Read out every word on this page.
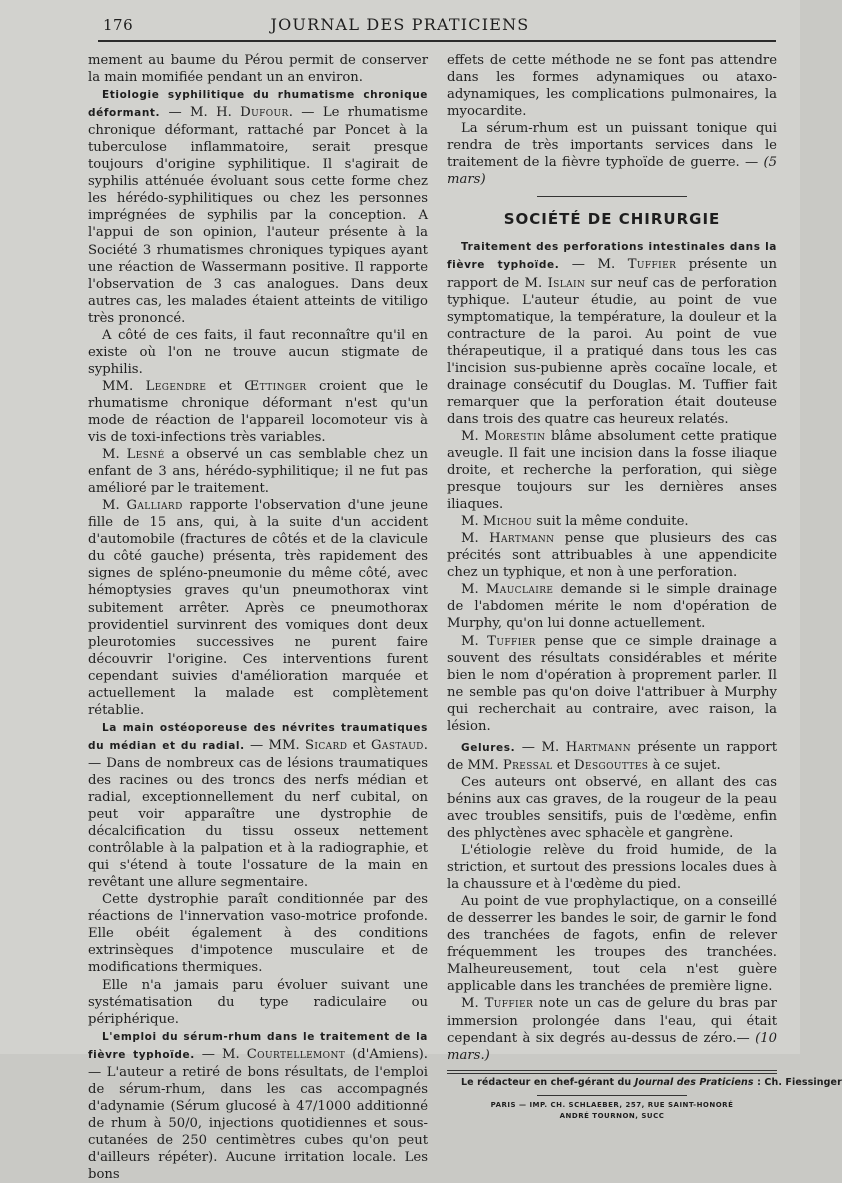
176	JOURNAL DES PRATICIENS

mement au baume du Pérou permit de conserver la main momifiée pendant un an environ.

Etiologie syphilitique du rhumatisme chronique déformant. — M. H. Dufour. — Le rhumatisme chronique déformant, rattaché par Poncet à la tuberculose inflammatoire, serait presque toujours d'origine syphilitique. Il s'agirait de syphilis atténuée évoluant sous cette forme chez les hérédo-syphilitiques ou chez les personnes imprégnées de syphilis par la conception. A l'appui de son opinion, l'auteur présente à la Société 3 rhumatismes chroniques typiques ayant une réaction de Wassermann positive. Il rapporte l'observation de 3 cas analogues. Dans deux autres cas, les malades étaient atteints de vitiligo très prononcé.

A côté de ces faits, il faut reconnaître qu'il en existe où l'on ne trouve aucun stigmate de syphilis.

MM. Legendre et Œttinger croient que le rhumatisme chronique déformant n'est qu'un mode de réaction de l'appareil locomoteur vis à vis de toxi-infections très variables.

M. Lesné a observé un cas semblable chez un enfant de 3 ans, hérédo-syphilitique; il ne fut pas amélioré par le traitement.

M. Galliard rapporte l'observation d'une jeune fille de 15 ans, qui, à la suite d'un accident d'automobile (fractures de côtés et de la clavicule du côté gauche) présenta, très rapidement des signes de spléno-pneumonie du même côté, avec hémoptysies graves qu'un pneumothorax vint subitement arrêter. Après ce pneumothorax providentiel survinrent des vomiques dont deux pleurotomies successives ne purent faire découvrir l'origine. Ces interventions furent cependant suivies d'amélioration marquée et actuellement la malade est complètement rétablie.

La main ostéoporeuse des névrites traumatiques du médian et du radial. — MM. Sicard et Gastaud. — Dans de nombreux cas de lésions traumatiques des racines ou des troncs des nerfs médian et radial, exceptionnellement du nerf cubital, on peut voir apparaître une dystrophie de décalcification du tissu osseux nettement contrôlable à la palpation et à la radiographie, et qui s'étend à toute l'ossature de la main en revêtant une allure segmentaire.

Cette dystrophie paraît conditionnée par des réactions de l'innervation vaso-motrice profonde. Elle obéit également à des conditions extrinsèques d'impotence musculaire et de modifications thermiques.

Elle n'a jamais paru évoluer suivant une systématisation du type radiculaire ou périphérique.

L'emploi du sérum-rhum dans le traitement de la fièvre typhoïde. — M. Courtellemont (d'Amiens). — L'auteur a retiré de bons résultats, de l'emploi de sérum-rhum, dans les cas accompagnés d'adynamie (Sérum glucosé à 47/1000 additionné de rhum à 50/0, injections quotidiennes et sous-cutanées de 250 centimètres cubes qu'on peut d'ailleurs répéter). Aucune irritation locale. Les bons

effets de cette méthode ne se font pas attendre dans les formes adynamiques ou ataxo-adynamiques, les complications pulmonaires, la myocardite.

La sérum-rhum est un puissant tonique qui rendra de très importants services dans le traitement de la fièvre typhoïde de guerre. — (5 mars)

SOCIÉTÉ DE CHIRURGIE

Traitement des perforations intestinales dans la fièvre typhoïde. — M. Tuffier présente un rapport de M. Islain sur neuf cas de perforation typhique. L'auteur étudie, au point de vue symptomatique, la température, la douleur et la contracture de la paroi. Au point de vue thérapeutique, il a pratiqué dans tous les cas l'incision sus-pubienne après cocaïne locale, et drainage consécutif du Douglas. M. Tuffier fait remarquer que la perforation était douteuse dans trois des quatre cas heureux relatés.

M. Morestin blâme absolument cette pratique aveugle. Il fait une incision dans la fosse iliaque droite, et recherche la perforation, qui siège presque toujours sur les dernières anses iliaques.

M. Michou suit la même conduite.

M. Hartmann pense que plusieurs des cas précités sont attribuables à une appendicite chez un typhique, et non à une perforation.

M. Mauclaire demande si le simple drainage de l'abdomen mérite le nom d'opération de Murphy, qu'on lui donne actuellement.

M. Tuffier pense que ce simple drainage a souvent des résultats considérables et mérite bien le nom d'opération à proprement parler. Il ne semble pas qu'on doive l'attribuer à Murphy qui recherchait au contraire, avec raison, la lésion.

Gelures. — M. Hartmann présente un rapport de MM. Pressal et Desgouttes à ce sujet.

Ces auteurs ont observé, en allant des cas bénins aux cas graves, de la rougeur de la peau avec troubles sensitifs, puis de l'œdème, enfin des phlyctènes avec sphacèle et gangrène.

L'étiologie relève du froid humide, de la striction, et surtout des pressions locales dues à la chaussure et à l'œdème du pied.

Au point de vue prophylactique, on a conseillé de desserrer les bandes le soir, de garnir le fond des tranchées de fagots, enfin de relever fréquemment les troupes des tranchées. Malheureusement, tout cela n'est guère applicable dans les tranchées de première ligne.

M. Tuffier note un cas de gelure du bras par immersion prolongée dans l'eau, qui était cependant à six degrés au-dessus de zéro.— (10 mars.)

Le rédacteur en chef-gérant du Journal des Praticiens : Ch. Fiessinger

PARIS — IMP. CH. SCHLAEBER, 257, RUE SAINT-HONORÉ
ANDRÉ TOURNON, SUCC
